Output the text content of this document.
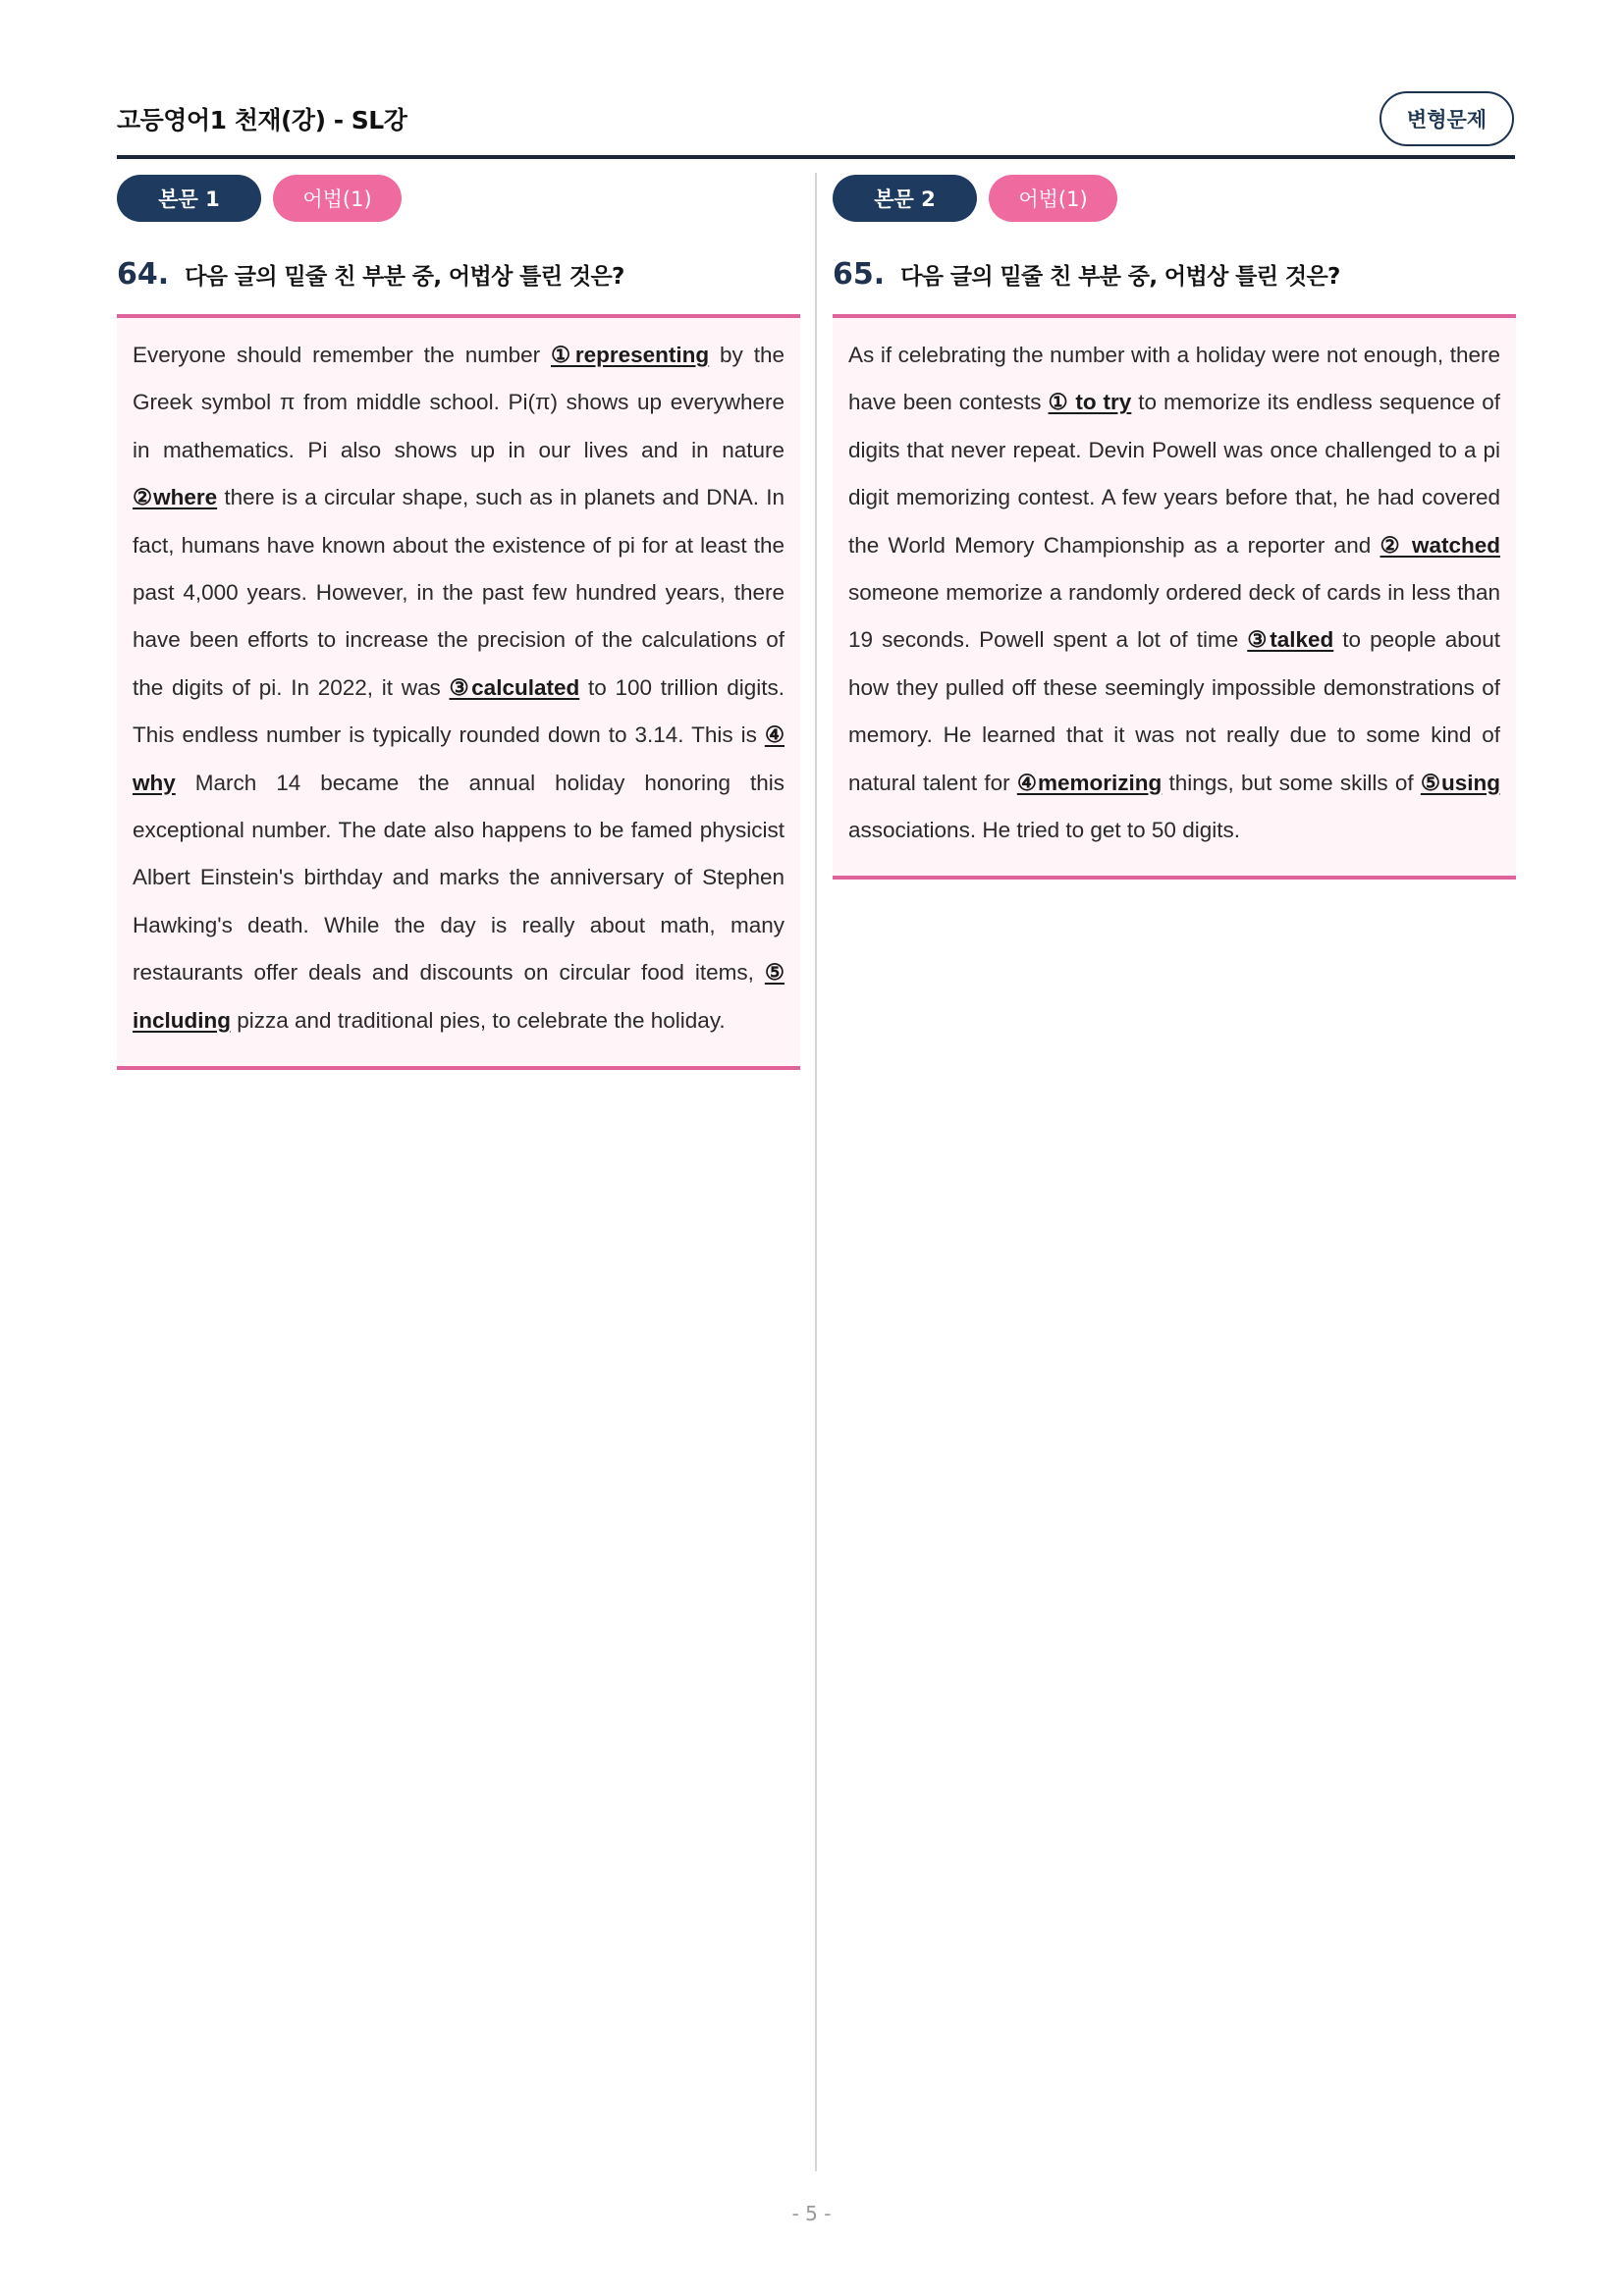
고등영어1 천재(강) - SL강	변형문제
본문 1	어법(1)
64. 다음 글의 밑줄 친 부분 중, 어법상 틀린 것은?

Everyone should remember the number ①representing by the Greek symbol π from middle school. Pi(π) shows up everywhere in mathematics. Pi also shows up in our lives and in nature ②where there is a circular shape, such as in planets and DNA. In fact, humans have known about the existence of pi for at least the past 4,000 years. However, in the past few hundred years, there have been efforts to increase the precision of the calculations of the digits of pi. In 2022, it was ③calculated to 100 trillion digits. This endless number is typically rounded down to 3.14. This is ④ why March 14 became the annual holiday honoring this exceptional number. The date also happens to be famed physicist Albert Einstein's birthday and marks the anniversary of Stephen Hawking's death. While the day is really about math, many restaurants offer deals and discounts on circular food items, ⑤ including pizza and traditional pies, to celebrate the holiday.

본문 2	어법(1)
65. 다음 글의 밑줄 친 부분 중, 어법상 틀린 것은?

As if celebrating the number with a holiday were not enough, there have been contests ① to try to memorize its endless sequence of digits that never repeat. Devin Powell was once challenged to a pi digit memorizing contest. A few years before that, he had covered the World Memory Championship as a reporter and ② watched someone memorize a randomly ordered deck of cards in less than 19 seconds. Powell spent a lot of time ③talked to people about how they pulled off these seemingly impossible demonstrations of memory. He learned that it was not really due to some kind of natural talent for ④memorizing things, but some skills of ⑤using associations. He tried to get to 50 digits.

- 5 -
